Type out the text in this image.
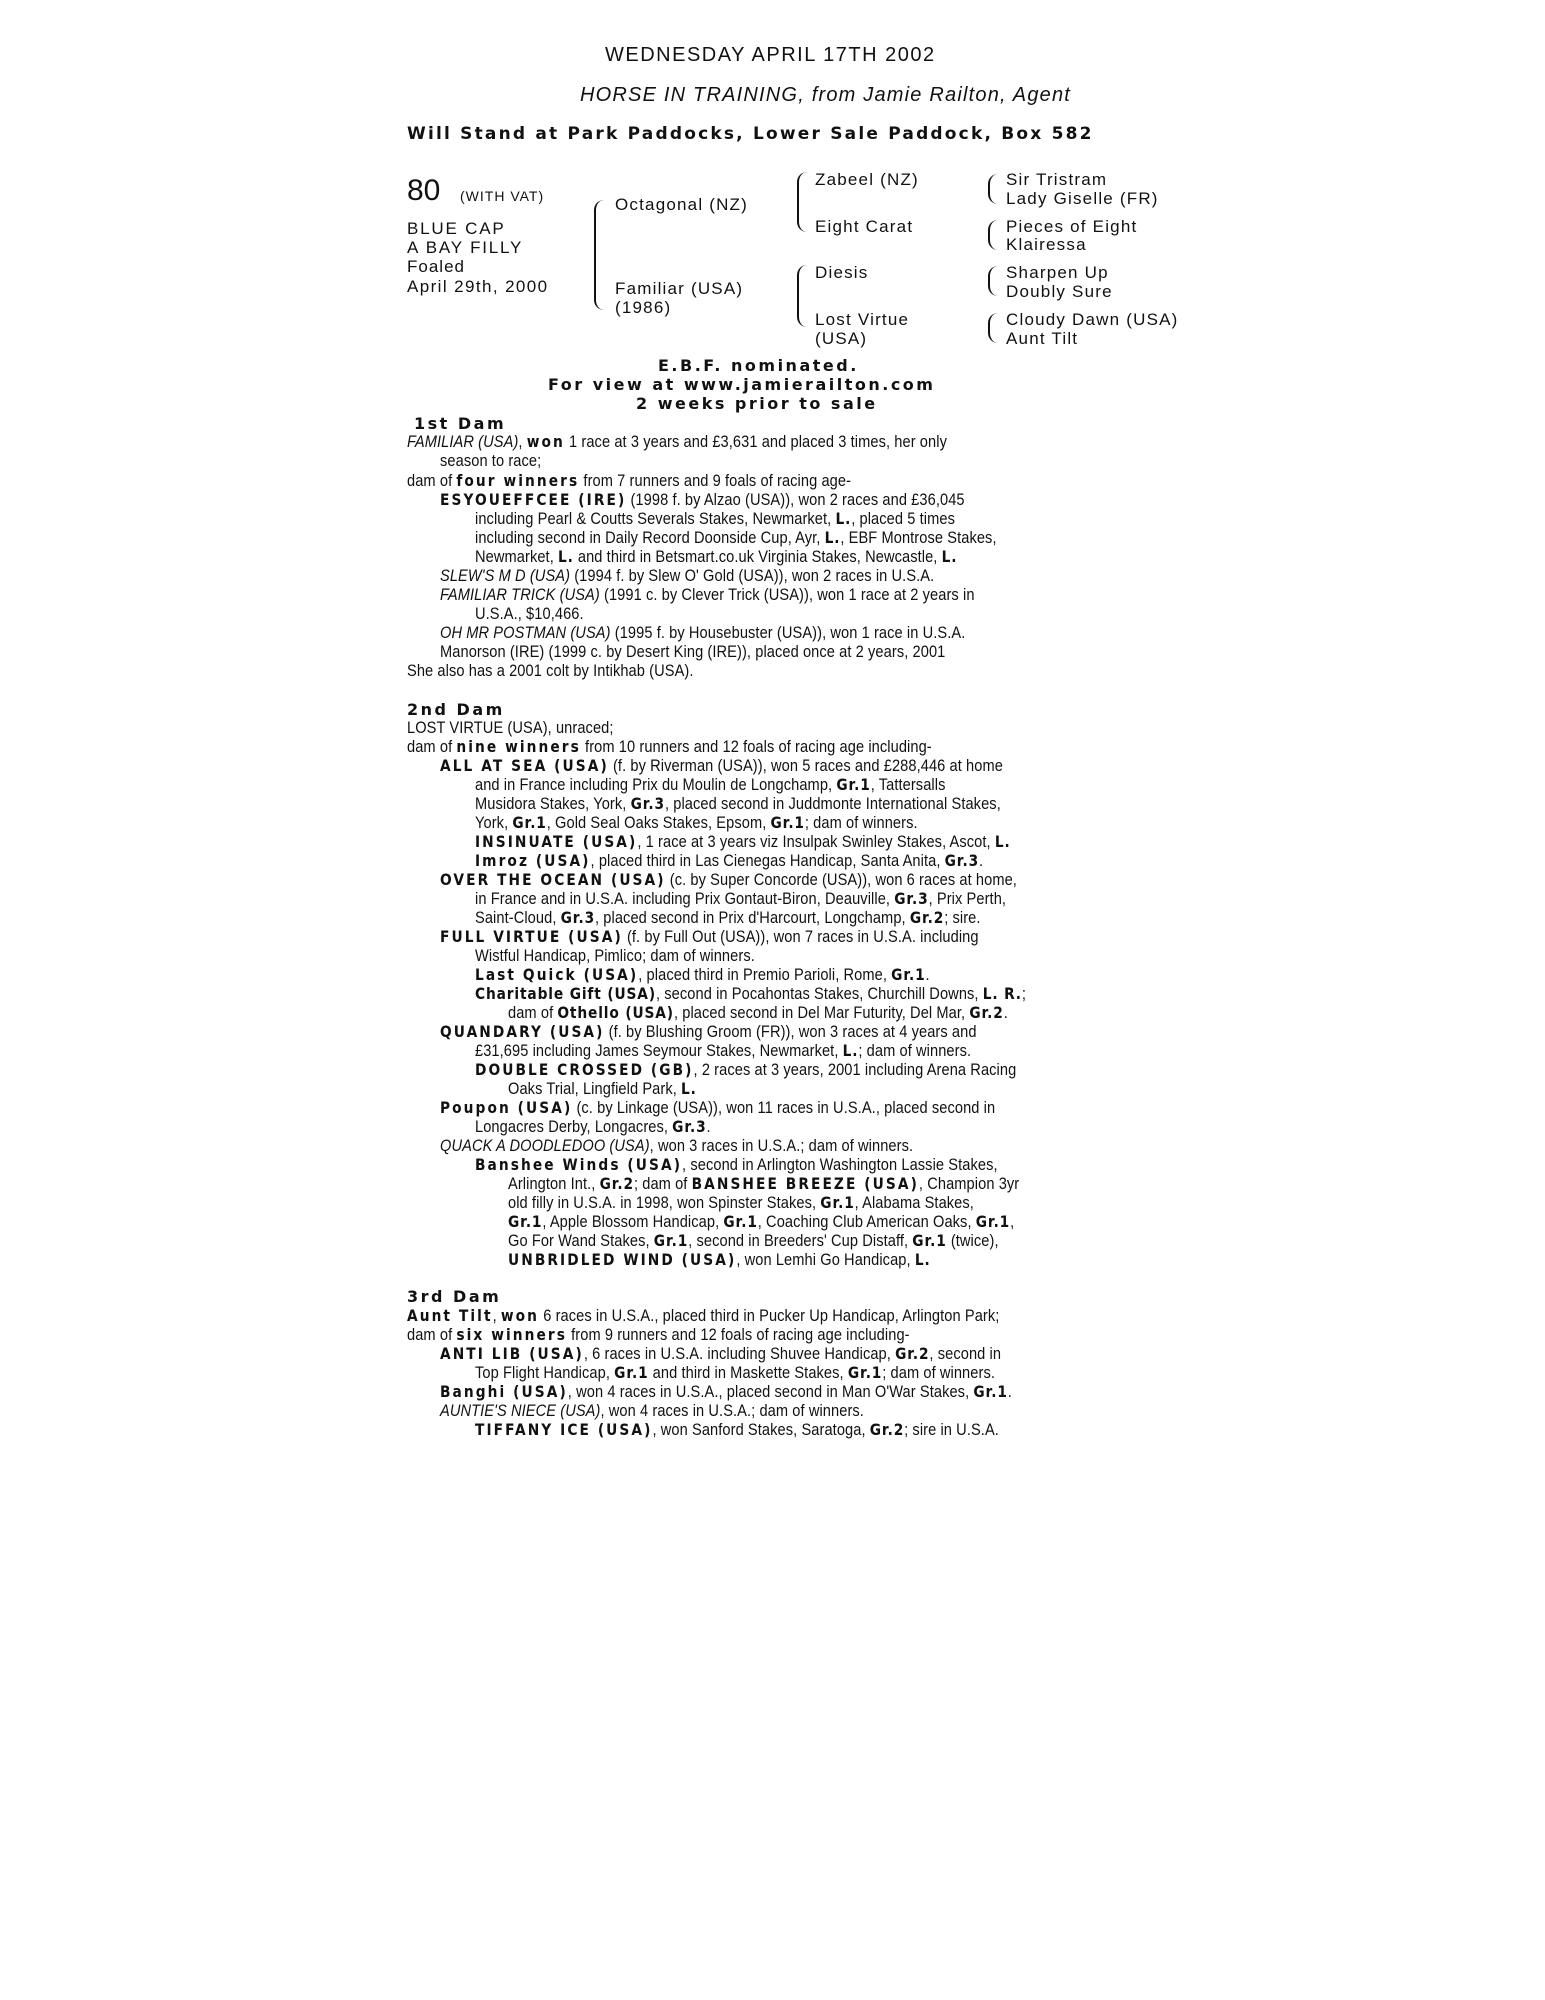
WEDNESDAY APRIL 17TH 2002
HORSE IN TRAINING, from Jamie Railton, Agent
Will Stand at Park Paddocks, Lower Sale Paddock, Box 582
80 (WITH VAT)
BLUE CAP
A BAY FILLY
Foaled
April 29th, 2000
Octagonal (NZ)
Familiar (USA)
(1986)
Zabeel (NZ)
Eight Carat
Diesis
Lost Virtue
(USA)
Sir Tristram
Lady Giselle (FR)
Pieces of Eight
Klairessa
Sharpen Up
Doubly Sure
Cloudy Dawn (USA)
Aunt Tilt
E.B.F. nominated.
For view at www.jamierailton.com
2 weeks prior to sale
1st Dam
FAMILIAR (USA), won 1 race at 3 years and £3,631 and placed 3 times, her only
season to race;
dam of four winners from 7 runners and 9 foals of racing age-
ESYOUEFFCEE (IRE) (1998 f. by Alzao (USA)), won 2 races and £36,045
including Pearl & Coutts Severals Stakes, Newmarket, L., placed 5 times
including second in Daily Record Doonside Cup, Ayr, L., EBF Montrose Stakes,
Newmarket, L. and third in Betsmart.co.uk Virginia Stakes, Newcastle, L.
SLEW'S M D (USA) (1994 f. by Slew O' Gold (USA)), won 2 races in U.S.A.
FAMILIAR TRICK (USA) (1991 c. by Clever Trick (USA)), won 1 race at 2 years in
U.S.A., $10,466.
OH MR POSTMAN (USA) (1995 f. by Housebuster (USA)), won 1 race in U.S.A.
Manorson (IRE) (1999 c. by Desert King (IRE)), placed once at 2 years, 2001
She also has a 2001 colt by Intikhab (USA).
2nd Dam
LOST VIRTUE (USA), unraced;
dam of nine winners from 10 runners and 12 foals of racing age including-
ALL AT SEA (USA) (f. by Riverman (USA)), won 5 races and £288,446 at home
and in France including Prix du Moulin de Longchamp, Gr.1, Tattersalls
Musidora Stakes, York, Gr.3, placed second in Juddmonte International Stakes,
York, Gr.1, Gold Seal Oaks Stakes, Epsom, Gr.1; dam of winners.
INSINUATE (USA), 1 race at 3 years viz Insulpak Swinley Stakes, Ascot, L.
Imroz (USA), placed third in Las Cienegas Handicap, Santa Anita, Gr.3.
OVER THE OCEAN (USA) (c. by Super Concorde (USA)), won 6 races at home,
in France and in U.S.A. including Prix Gontaut-Biron, Deauville, Gr.3, Prix Perth,
Saint-Cloud, Gr.3, placed second in Prix d'Harcourt, Longchamp, Gr.2; sire.
FULL VIRTUE (USA) (f. by Full Out (USA)), won 7 races in U.S.A. including
Wistful Handicap, Pimlico; dam of winners.
Last Quick (USA), placed third in Premio Parioli, Rome, Gr.1.
Charitable Gift (USA), second in Pocahontas Stakes, Churchill Downs, L. R.;
dam of Othello (USA), placed second in Del Mar Futurity, Del Mar, Gr.2.
QUANDARY (USA) (f. by Blushing Groom (FR)), won 3 races at 4 years and
£31,695 including James Seymour Stakes, Newmarket, L.; dam of winners.
DOUBLE CROSSED (GB), 2 races at 3 years, 2001 including Arena Racing
Oaks Trial, Lingfield Park, L.
Poupon (USA) (c. by Linkage (USA)), won 11 races in U.S.A., placed second in
Longacres Derby, Longacres, Gr.3.
QUACK A DOODLEDOO (USA), won 3 races in U.S.A.; dam of winners.
Banshee Winds (USA), second in Arlington Washington Lassie Stakes,
Arlington Int., Gr.2; dam of BANSHEE BREEZE (USA), Champion 3yr
old filly in U.S.A. in 1998, won Spinster Stakes, Gr.1, Alabama Stakes,
Gr.1, Apple Blossom Handicap, Gr.1, Coaching Club American Oaks, Gr.1,
Go For Wand Stakes, Gr.1, second in Breeders' Cup Distaff, Gr.1 (twice),
UNBRIDLED WIND (USA), won Lemhi Go Handicap, L.
3rd Dam
Aunt Tilt, won 6 races in U.S.A., placed third in Pucker Up Handicap, Arlington Park;
dam of six winners from 9 runners and 12 foals of racing age including-
ANTI LIB (USA), 6 races in U.S.A. including Shuvee Handicap, Gr.2, second in
Top Flight Handicap, Gr.1 and third in Maskette Stakes, Gr.1; dam of winners.
Banghi (USA), won 4 races in U.S.A., placed second in Man O'War Stakes, Gr.1.
AUNTIE'S NIECE (USA), won 4 races in U.S.A.; dam of winners.
TIFFANY ICE (USA), won Sanford Stakes, Saratoga, Gr.2; sire in U.S.A.
